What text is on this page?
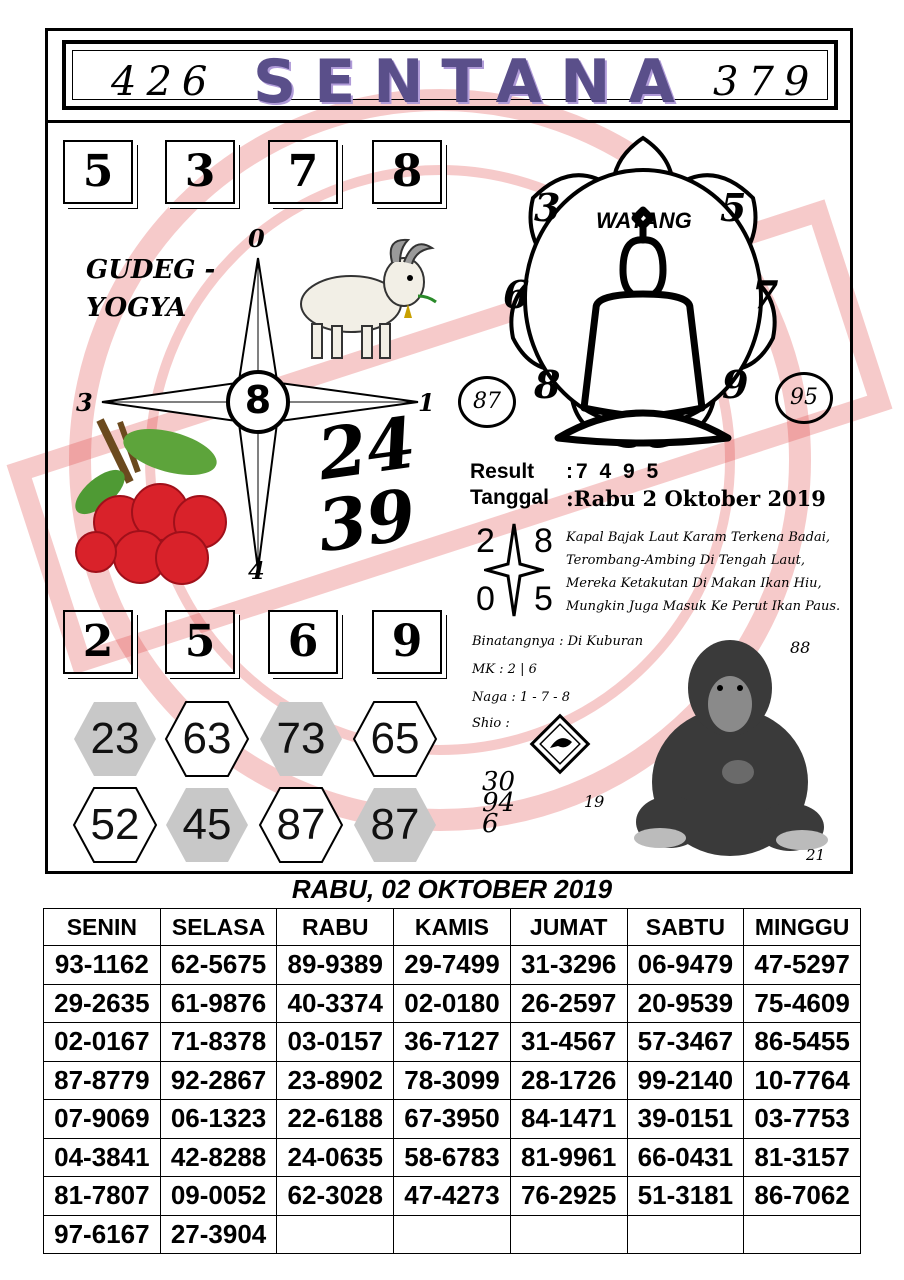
426 SENTANA 379
5	3	7	8
GUDEG -
YOGYA
0
3	1
4
8
24
39
WAYANG
3	5
6	7
8	9
87	95
Result :7 4 9 5
Tanggal :Rabu 2 Oktober 2019
2 8
0 5
Kapal Bajak Laut Karam Terkena Badai,
Terombang-Ambing Di Tengah Laut,
Mereka Ketakutan Di Makan Ikan Hiu,
Mungkin Juga Masuk Ke Perut Ikan Paus.
Binatangnya : Di Kuburan	88
MK : 2 | 6
Naga : 1 - 7 - 8
Shio :
19
30946
21
2	5	6	9
23 63	73	65
52 45	87	87
RABU, 02 OKTOBER 2019
SENIN	SELASA	RABU	KAMIS	JUMAT	SABTU	MINGGU
93-1162	62-5675	89-9389	29-7499	31-3296	06-9479	47-5297
29-2635	61-9876	40-3374	02-0180	26-2597	20-9539	75-4609
02-0167	71-8378	03-0157	36-7127	31-4567	57-3467	86-5455
87-8779	92-2867	23-8902	78-3099	28-1726	99-2140	10-7764
07-9069	06-1323	22-6188	67-3950	84-1471	39-0151	03-7753
04-3841	42-8288	24-0635	58-6783	81-9961	66-0431	81-3157
81-7807	09-0052	62-3028	47-4273	76-2925	51-3181	86-7062
97-6167	27-3904					
